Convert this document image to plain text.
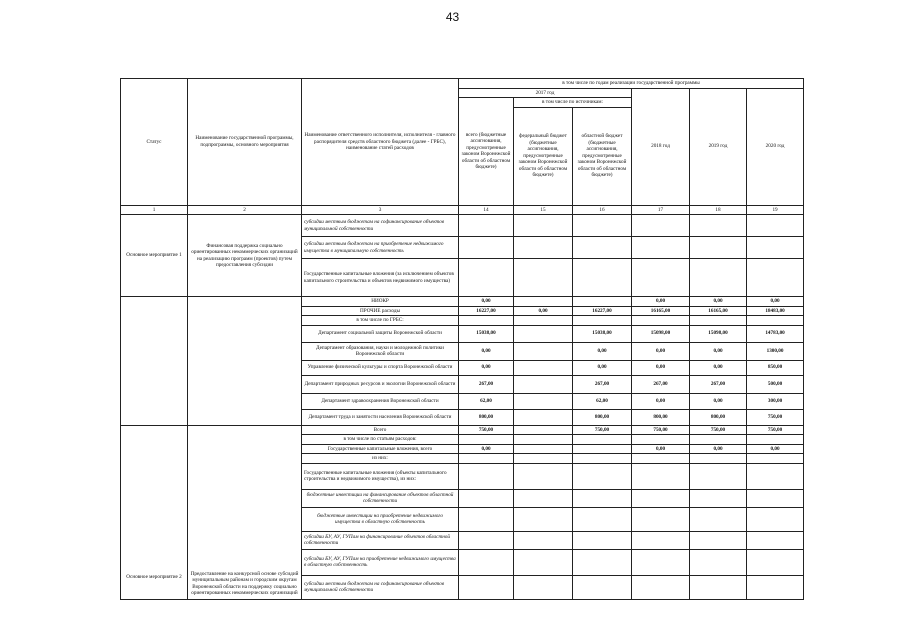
43
Статус	Наименование государственной программы, подпрограммы, основного мероприятия	Наименование ответственного исполнителя, исполнителя - главного распорядителя средств областного бюджета (далее - ГРБС), наименование статей расходов	в том числе по годам реализации государственной программы					
			2017 год			2018 год	2019 год	2020 год
			всего (бюджетные ассигнования, предусмотренные законом Воронежской области об областном бюджете)	в том числе по источникам:				
				федеральный бюджет (бюджетные ассигнования, предусмотренные законом Воронежской области об областном бюджете)	областной бюджет (бюджетные ассигнования, предусмотренные законом Воронежской области об областном бюджете)			

1	2	3	14	15	16	17	18	19
Основное мероприятие 1	Финансовая поддержка социально ориентированных некоммерческих организаций на реализацию программ (проектов) путем предоставления субсидии	субсидии местным бюджетам на софинансирование объектов муниципальной собственности						
		субсидии местным бюджетам на приобретение недвижимого имущества в муниципальную собственность						
		Государственные капитальные вложения (за исключением объектов капитального строительства и объектов недвижимого имущества)						
		НИОКР	0,00			0,00	0,00	0,00
		ПРОЧИЕ расходы	16227,00	0,00	16227,00	16165,00	16165,00	18483,00
		в том числе по ГРБС:						
		Департамент социальной защиты Воронежской области	15038,00		15038,00	15098,00	15098,00	14783,00
		Департамент образования, науки и молодежной политики Воронежской области	0,00		0,00	0,00	0,00	1300,00
		Управление физической культуры и спорта Воронежской области	0,00		0,00	0,00	0,00	850,00
		Департамент природных ресурсов и экологии Воронежской области	267,00		267,00	267,00	267,00	500,00
		Департамент здравоохранения Воронежской области	62,00		62,00	0,00	0,00	300,00
		Департамент труда и занятости населения Воронежской области	800,00		800,00	800,00	800,00	750,00
Основное мероприятие 2	Предоставление на конкурсной основе субсидий муниципальным районам и городским округам Воронежской области на поддержку социально ориентированных некоммерческих организаций	Всего	750,00		750,00	750,00	750,00	750,00
		в том числе по статьям расходов:						
		Государственные капитальные вложения, всего	0,00			0,00	0,00	0,00
		из них:						
		Государственные капитальные вложения (объекты капитального строительства и недвижимого имущества), из них:						
		бюджетные инвестиции на финансирование объектов областной собственности						
		бюджетные инвестиции на приобретение недвижимого имущества в областную собственность						
		субсидии БУ, АУ, ГУПам на финансирование объектов областной собственности						
		субсидии БУ, АУ, ГУПам на приобретение недвижимого имущества в областную собственность						
		субсидии местным бюджетам на софинансирование объектов муниципальной собственности						
